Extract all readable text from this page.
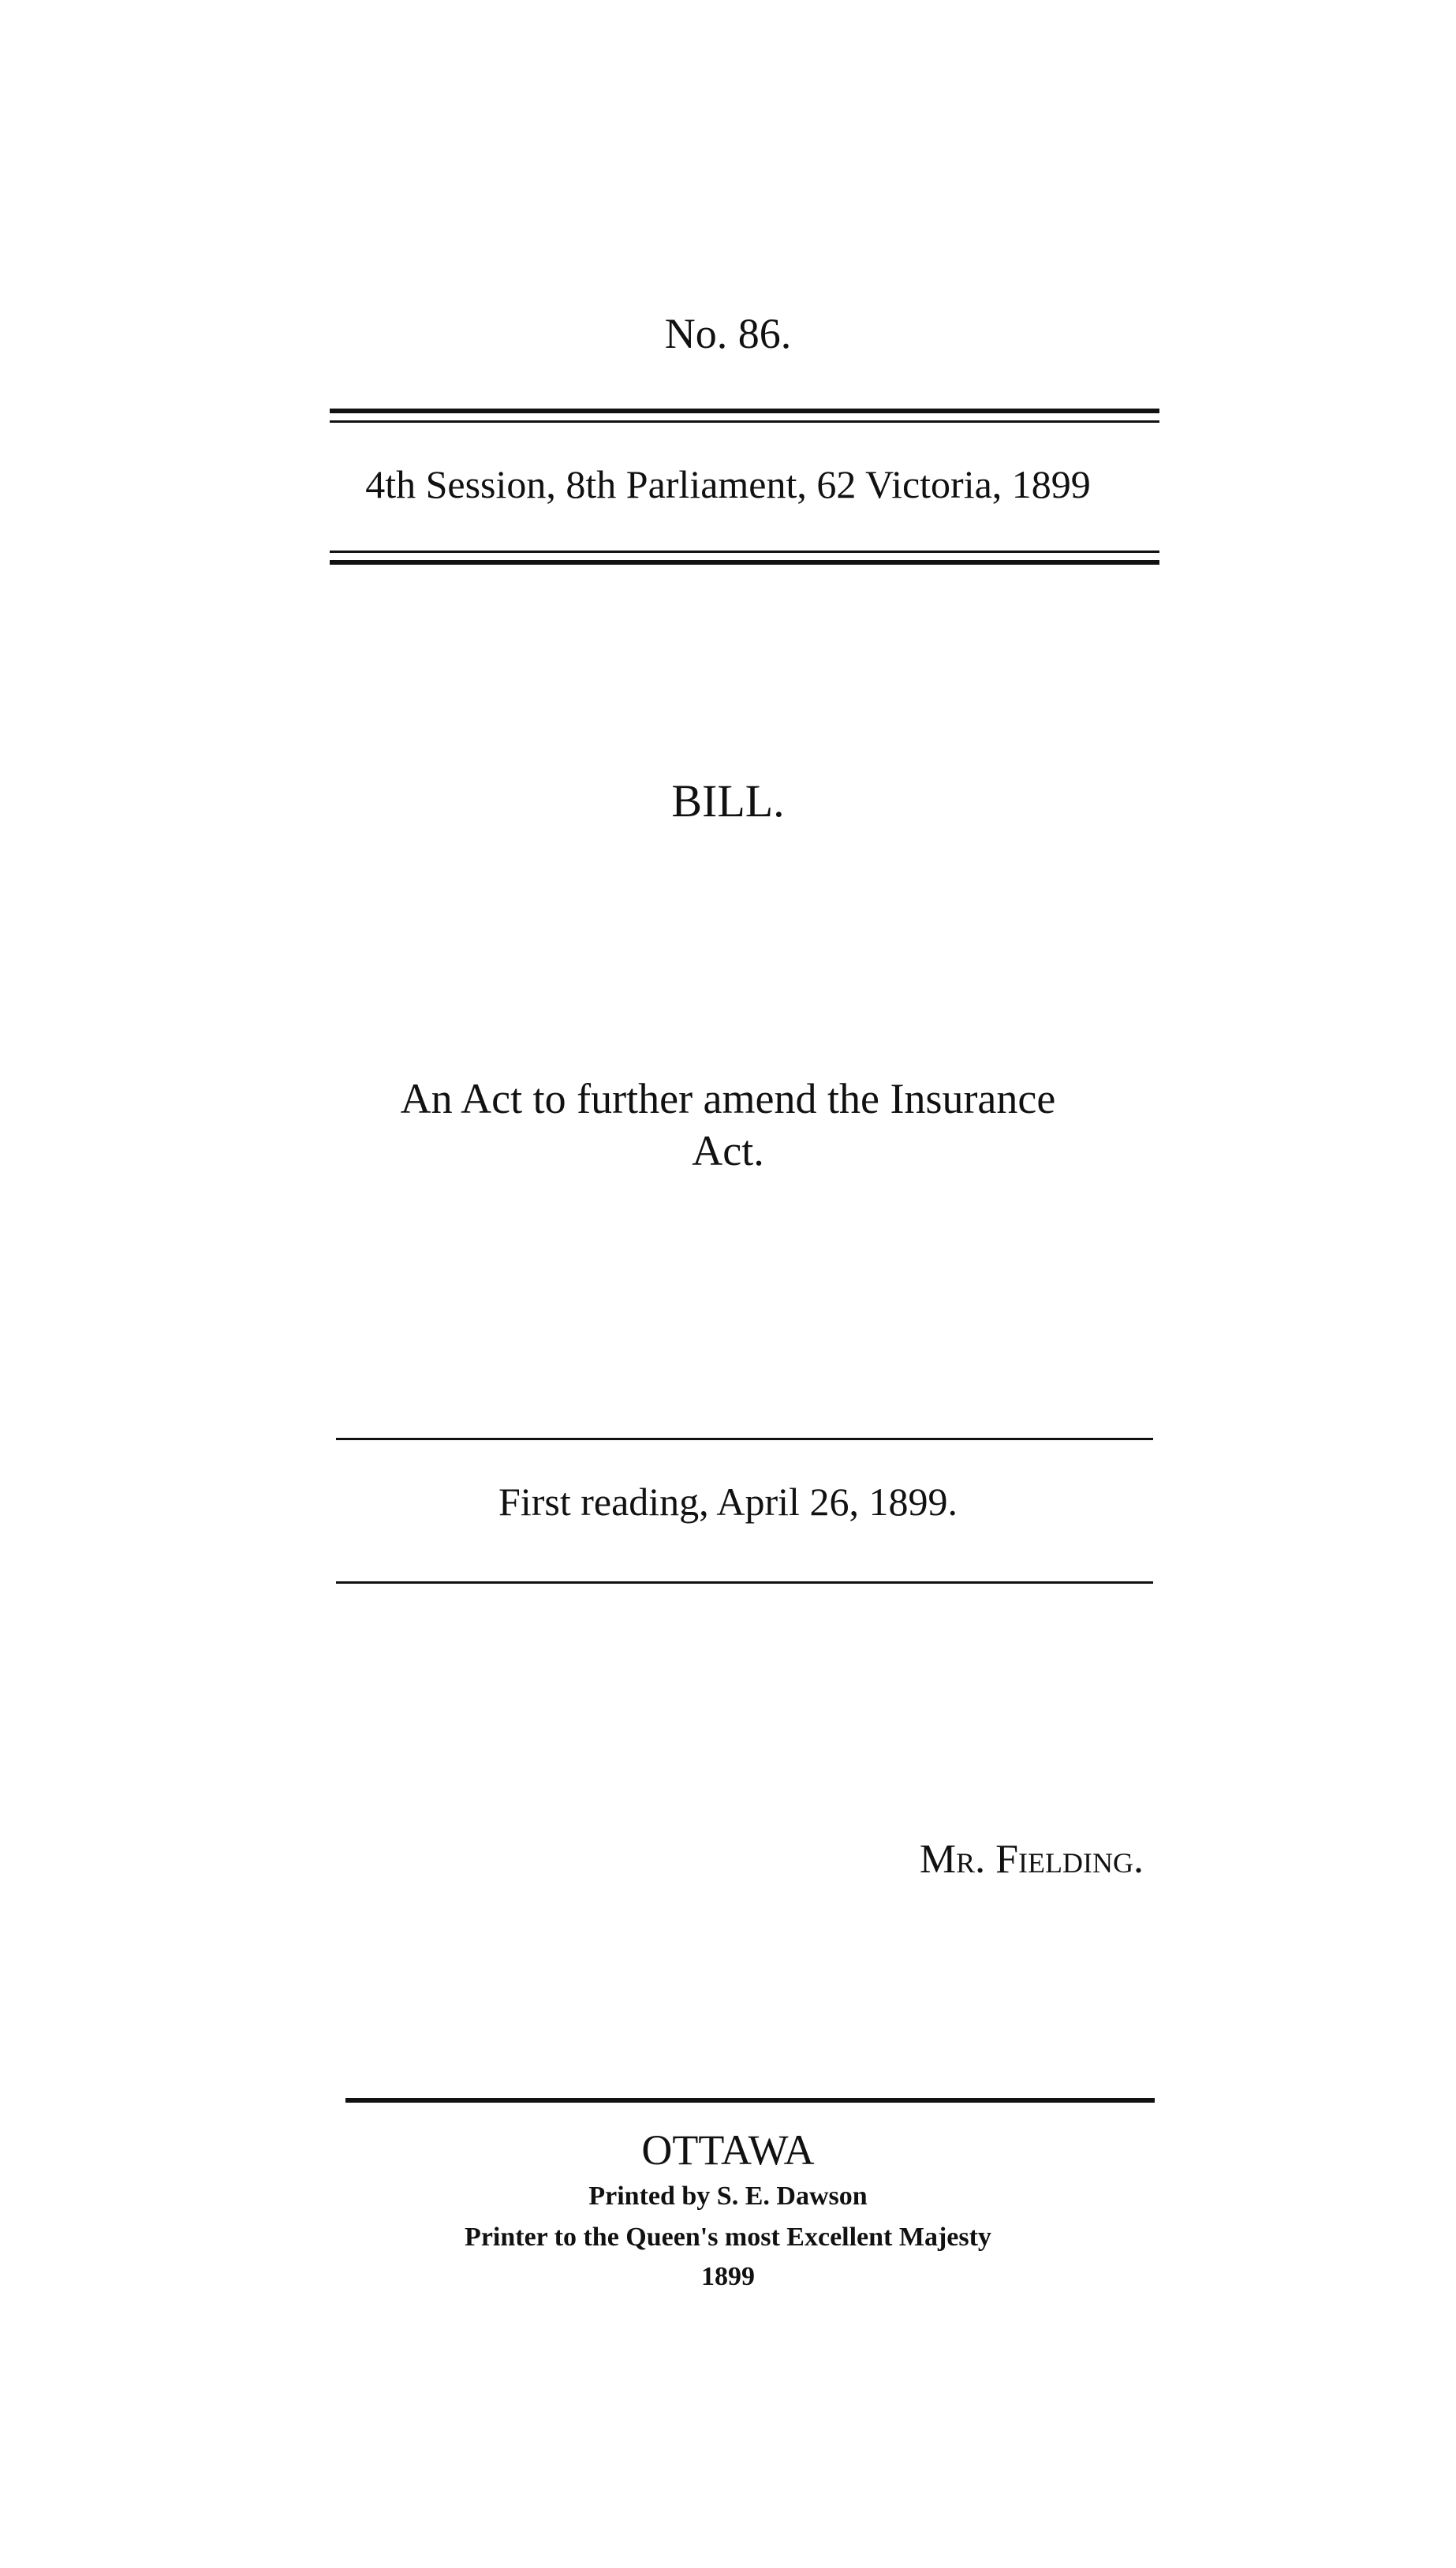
No. 86.
4th Session, 8th Parliament, 62 Victoria, 1899
BILL.
An Act to further amend the Insurance
Act.
First reading, April 26, 1899.
Mr. Fielding.
OTTAWA
Printed by S. E. Dawson
Printer to the Queen's most Excellent Majesty
1899
